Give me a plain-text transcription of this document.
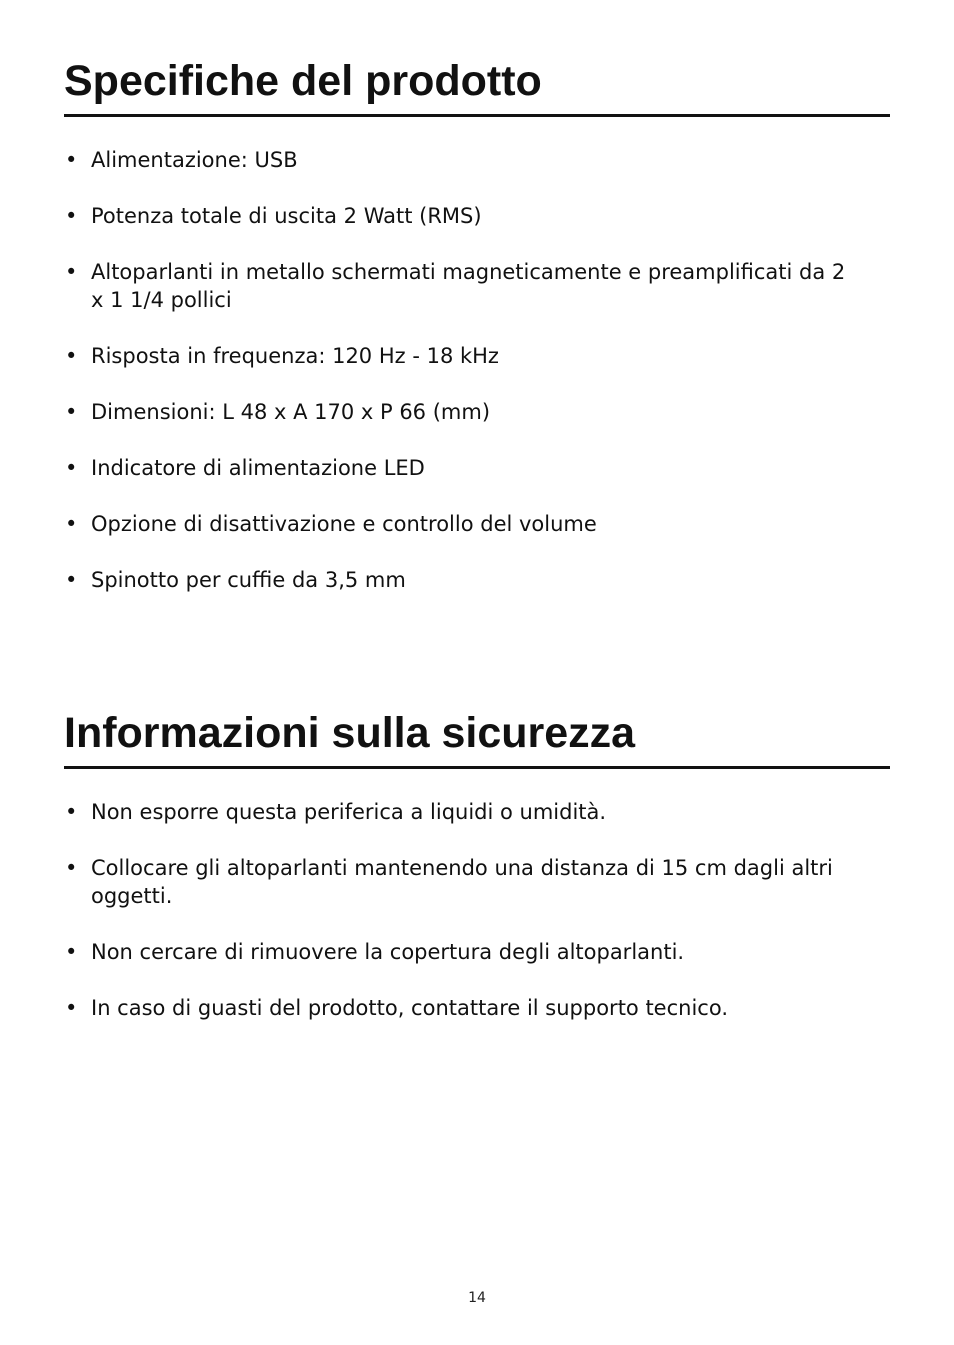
Specifiche del prodotto
• Alimentazione: USB
• Potenza totale di uscita 2 Watt (RMS)
• Altoparlanti in metallo schermati magneticamente e preamplificati da 2 x 1 1/4 pollici
• Risposta in frequenza: 120 Hz - 18 kHz
• Dimensioni: L 48 x A 170 x P 66 (mm)
• Indicatore di alimentazione LED
• Opzione di disattivazione e controllo del volume
• Spinotto per cuffie da 3,5 mm
Informazioni sulla sicurezza
• Non esporre questa periferica a liquidi o umidità.
• Collocare gli altoparlanti mantenendo una distanza di 15 cm dagli altri oggetti.
• Non cercare di rimuovere la copertura degli altoparlanti.
• In caso di guasti del prodotto, contattare il supporto tecnico.
14
